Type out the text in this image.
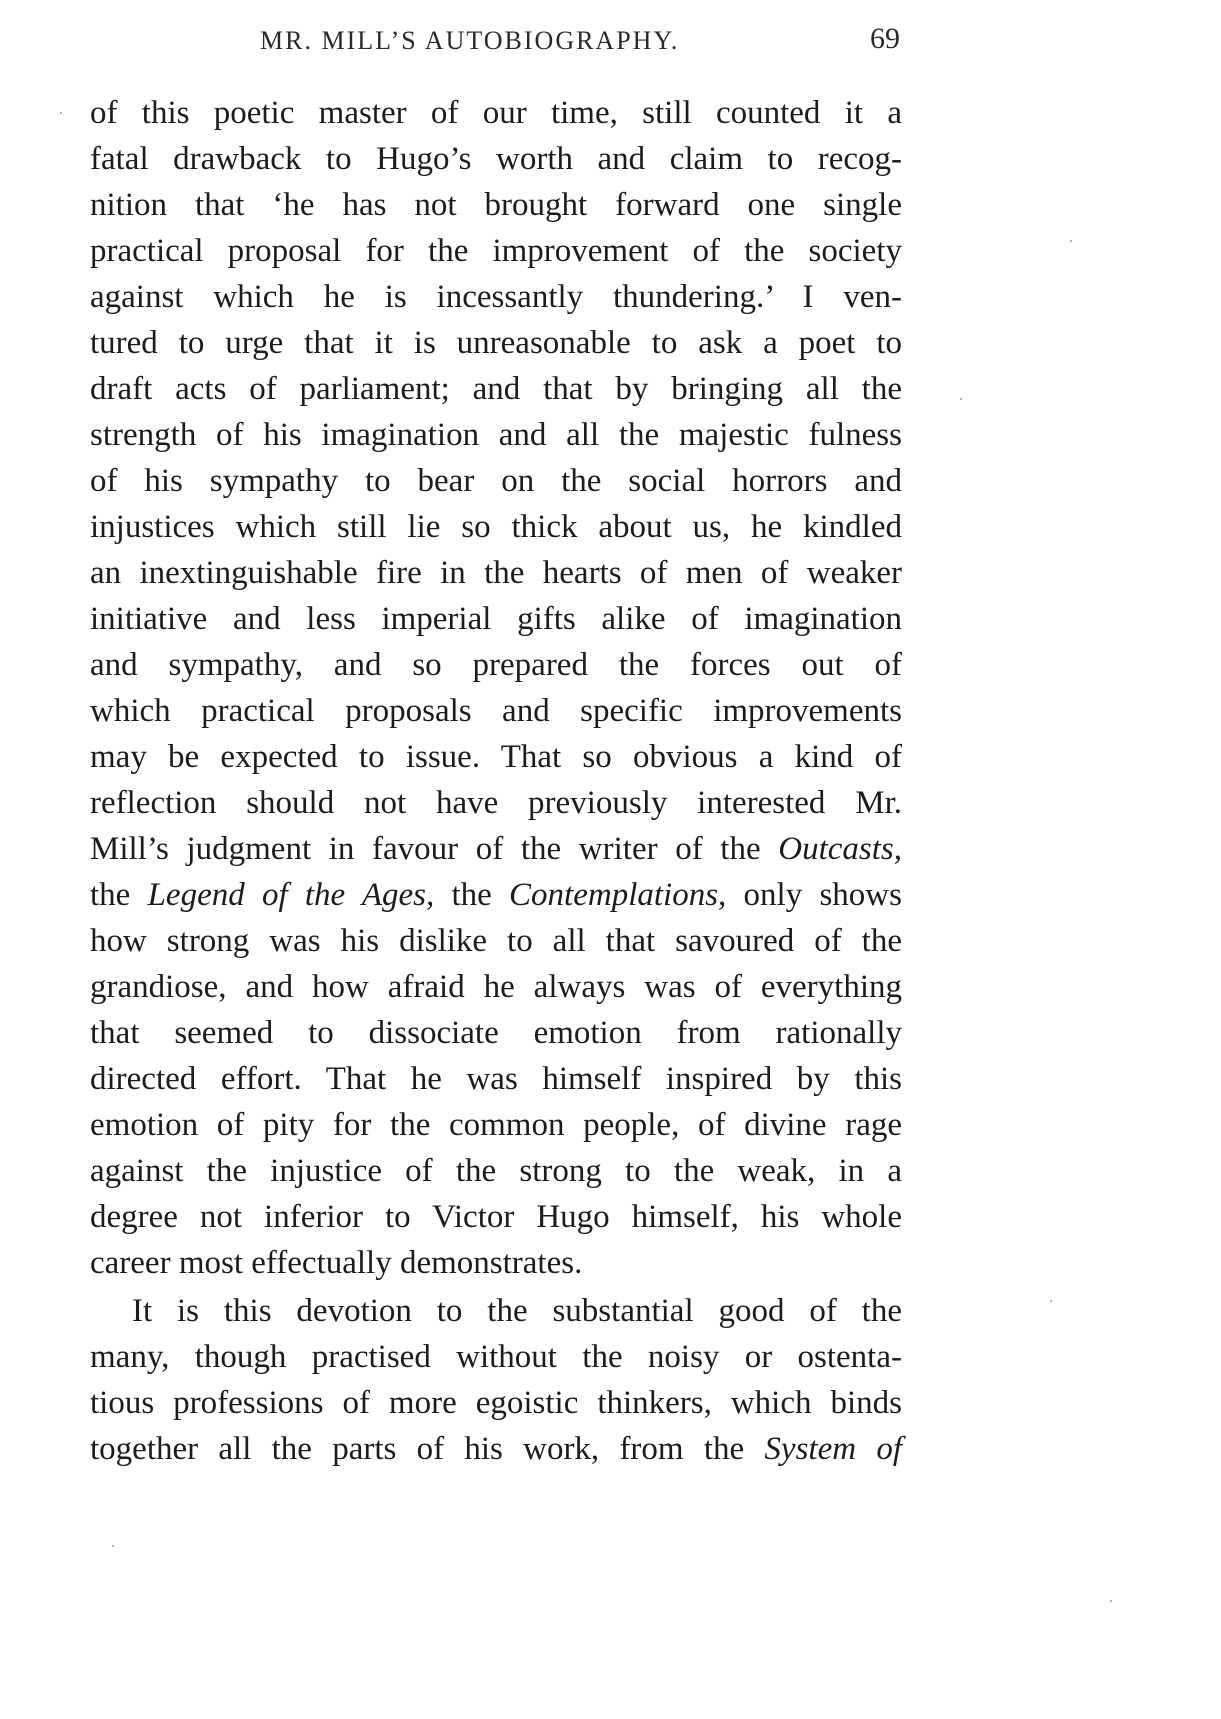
MR. MILL’S AUTOBIOGRAPHY.	69
of this poetic master of our time, still counted it a
fatal drawback to Hugo’s worth and claim to recog-
nition that ‘he has not brought forward one single
practical proposal for the improvement of the society
against which he is incessantly thundering.’ I ven-
tured to urge that it is unreasonable to ask a poet to
draft acts of parliament; and that by bringing all the
strength of his imagination and all the majestic fulness
of his sympathy to bear on the social horrors and
injustices which still lie so thick about us, he kindled
an inextinguishable fire in the hearts of men of weaker
initiative and less imperial gifts alike of imagination
and sympathy, and so prepared the forces out of
which practical proposals and specific improvements
may be expected to issue. That so obvious a kind of
reflection should not have previously interested Mr.
Mill’s judgment in favour of the writer of the Outcasts,
the Legend of the Ages, the Contemplations, only shows
how strong was his dislike to all that savoured of the
grandiose, and how afraid he always was of everything
that seemed to dissociate emotion from rationally
directed effort. That he was himself inspired by this
emotion of pity for the common people, of divine rage
against the injustice of the strong to the weak, in a
degree not inferior to Victor Hugo himself, his whole
career most effectually demonstrates.
It is this devotion to the substantial good of the
many, though practised without the noisy or ostenta-
tious professions of more egoistic thinkers, which binds
together all the parts of his work, from the System of
